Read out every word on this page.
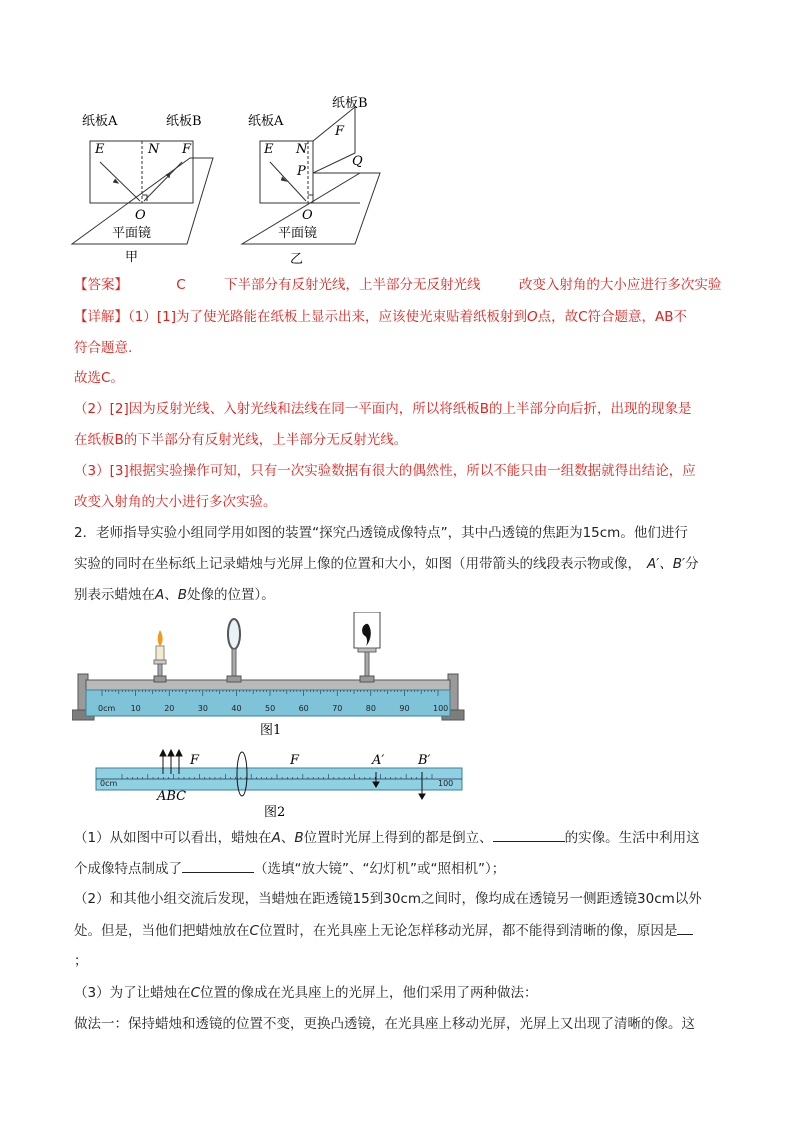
纸板A	纸板B
E	N F
O
平面镜
甲
纸板A
纸板B
F
E N
P
Q
O
平面镜
乙
【答案】	C	下半部分有反射光线，上半部分无反射光线	改变入射角的大小应进行多次实验
【详解】（1）[1]为了使光路能在纸板上显示出来，应该使光束贴着纸板射到O点，故C符合题意，AB不
符合题意.
故选C。
（2）[2]因为反射光线、入射光线和法线在同一平面内，所以将纸板B的上半部分向后折，出现的现象是
在纸板B的下半部分有反射光线，上半部分无反射光线。
（3）[3]根据实验操作可知，只有一次实验数据有很大的偶然性，所以不能只由一组数据就得出结论，应
改变入射角的大小进行多次实验。
2．老师指导实验小组同学用如图的装置“探究凸透镜成像特点”，其中凸透镜的焦距为15cm。他们进行
实验的同时在坐标纸上记录蜡烛与光屏上像的位置和大小，如图（用带箭头的线段表示物或像， A′、B′分
别表示蜡烛在A、B处像的位置）。
0cm 10	20	30	40	50	60	70	80	90	100
图1
0cm	100
ABC
F	F	A′	B′
图2
（1）从如图中可以看出，蜡烛在A、B位置时光屏上得到的都是倒立、	的实像。生活中利用这
个成像特点制成了	（选填“放大镜”、“幻灯机”或“照相机”）；
（2）和其他小组交流后发现，当蜡烛在距透镜15到30cm之间时，像均成在透镜另一侧距透镜30cm以外
处。但是，当他们把蜡烛放在C位置时，在光具座上无论怎样移动光屏，都不能得到清晰的像，原因是
；
（3）为了让蜡烛在C位置的像成在光具座上的光屏上，他们采用了两种做法：
做法一：保持蜡烛和透镜的位置不变，更换凸透镜，在光具座上移动光屏，光屏上又出现了清晰的像。这
